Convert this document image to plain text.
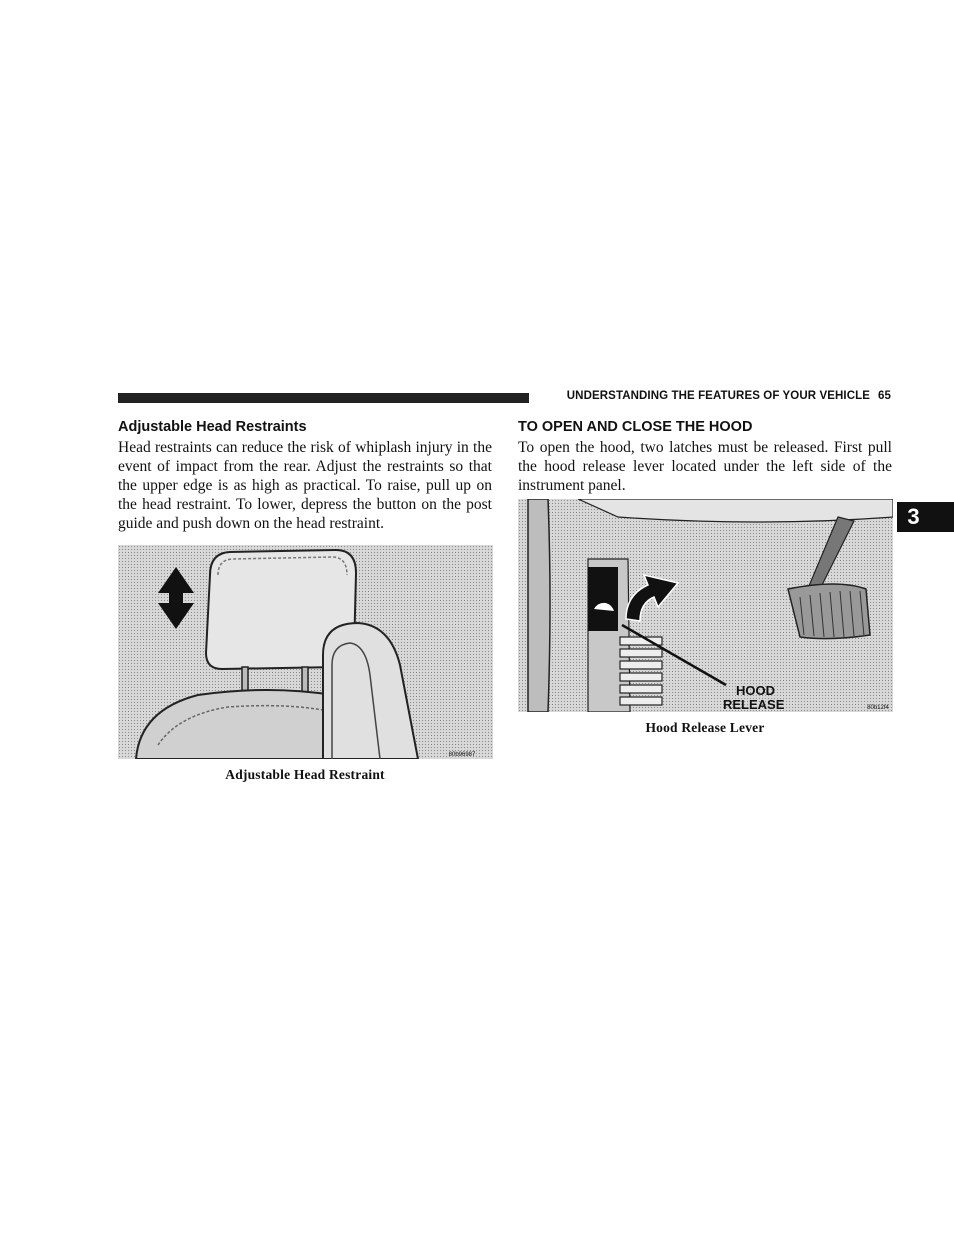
UNDERSTANDING THE FEATURES OF YOUR VEHICLE 65
3
Adjustable Head Restraints

Head restraints can reduce the risk of whiplash injury in the event of impact from the rear. Adjust the restraints so that the upper edge is as high as practical. To raise, pull up on the head restraint. To lower, depress the button on the post guide and push down on the head restraint.

80b96987
Adjustable Head Restraint
TO OPEN AND CLOSE THE HOOD

To open the hood, two latches must be released. First pull the hood release lever located under the left side of the instrument panel.

HOOD
RELEASE	80b12f4
Hood Release Lever
